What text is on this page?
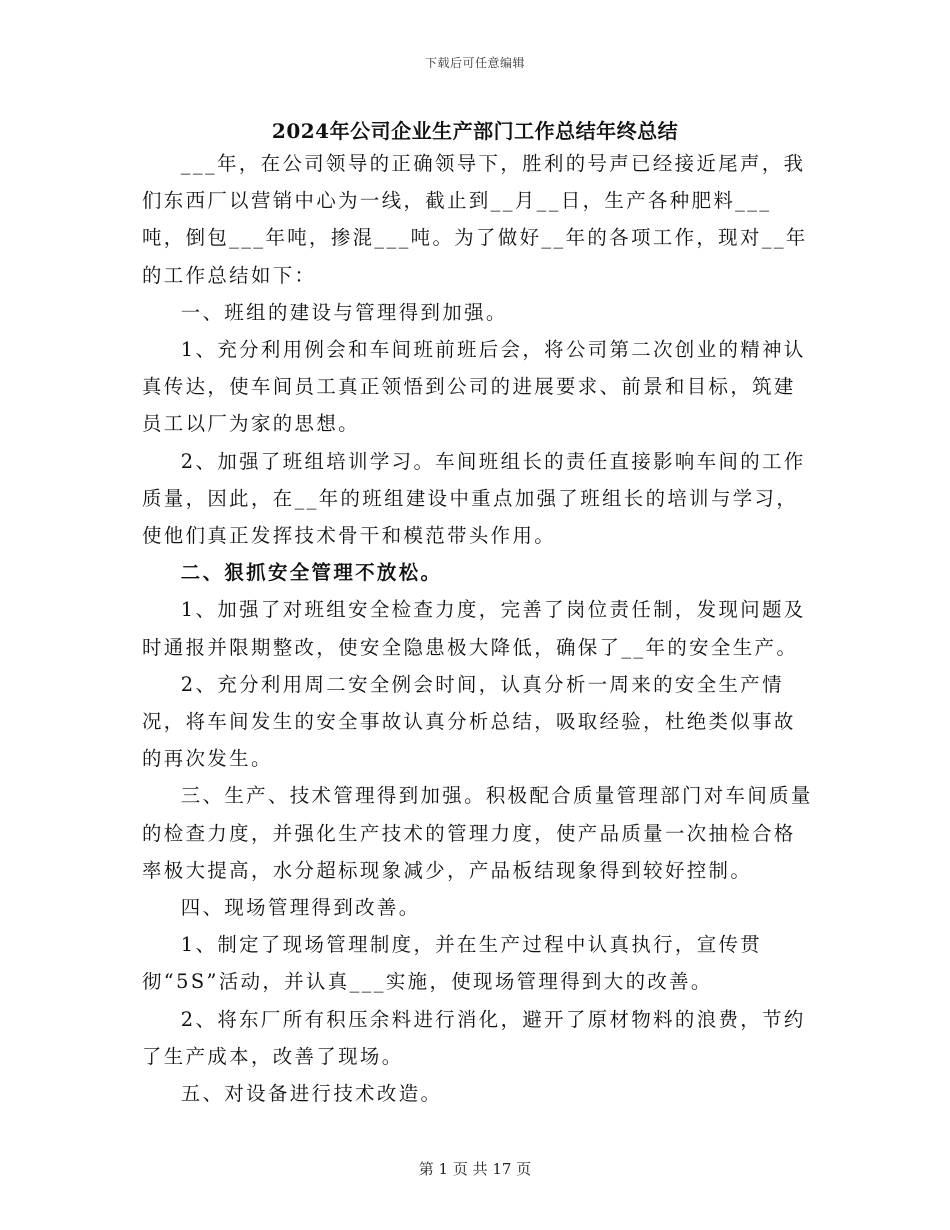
下载后可任意编辑
2024年公司企业生产部门工作总结年终总结

___年，在公司领导的正确领导下，胜利的号声已经接近尾声，我们东西厂以营销中心为一线，截止到__月__日，生产各种肥料___吨，倒包___年吨，掺混___吨。为了做好__年的各项工作，现对__年的工作总结如下：

一、班组的建设与管理得到加强。

1、充分利用例会和车间班前班后会，将公司第二次创业的精神认真传达，使车间员工真正领悟到公司的进展要求、前景和目标，筑建员工以厂为家的思想。

2、加强了班组培训学习。车间班组长的责任直接影响车间的工作质量，因此，在__年的班组建设中重点加强了班组长的培训与学习，使他们真正发挥技术骨干和模范带头作用。

二、狠抓安全管理不放松。

1、加强了对班组安全检查力度，完善了岗位责任制，发现问题及时通报并限期整改，使安全隐患极大降低，确保了__年的安全生产。

2、充分利用周二安全例会时间，认真分析一周来的安全生产情况，将车间发生的安全事故认真分析总结，吸取经验，杜绝类似事故的再次发生。

三、生产、技术管理得到加强。积极配合质量管理部门对车间质量的检查力度，并强化生产技术的管理力度，使产品质量一次抽检合格率极大提高，水分超标现象减少，产品板结现象得到较好控制。

四、现场管理得到改善。

1、制定了现场管理制度，并在生产过程中认真执行，宣传贯彻“5S”活动，并认真___实施，使现场管理得到大的改善。

2、将东厂所有积压余料进行消化，避开了原材物料的浪费，节约了生产成本，改善了现场。

五、对设备进行技术改造。

第 1 页 共 17 页
